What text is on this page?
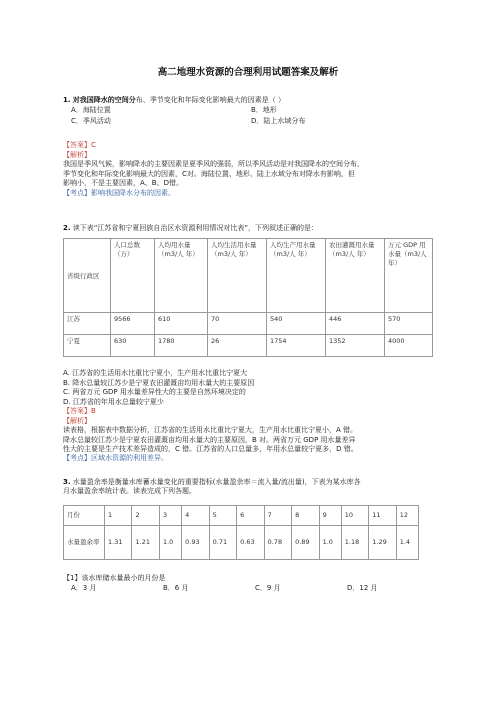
高二地理水资源的合理利用试题答案及解析
1. 对我国降水的空间分布、季节变化和年际变化影响最大的因素是（ ）
A．海陆位置	B．地形
C．季风活动	D．陆上水域分布
【答案】C
【解析】
我国是季风气候，影响降水的主要因素是夏季风的强弱，所以季风活动是对我国降水的空间分布、
季节变化和年际变化影响最大的因素，C对。海陆位置、地形、陆上水域分布对降水有影响，但
影响小，不是主要因素，A、B、D错。
【考点】影响我国降水分布的因素。
2. 读下表“江苏省和宁夏回族自治区水资源利用情况对比表”，下列叙述正确的是：
省级行政区	人口总数（万）	人均用水量（m3/人 年）	人均生活用水量（m3/人 年）	人均生产用水量（m3/人 年）	农田灌溉用水量（m3/人 年）	万元 GDP 用水量（m3/人 年）
江苏	9566	610	70	540	446	570
宁夏	630	1780	26	1754	1352	4000
A. 江苏省的生活用水比重比宁夏小，生产用水比重比宁夏大
B. 降水总量较江苏少是宁夏农田灌溉亩均用水量大的主要原因
C. 两省万元 GDP 用水量差异性大的主要是自然环境决定的
D. 江苏省的年用水总量较宁夏少
【答案】B
【解析】
读表格，根据表中数据分析，江苏省的生活用水比重比宁夏大，生产用水比重比宁夏小，A 错。
降水总量较江苏少是宁夏农田灌溉亩均用水量大的主要原因，B 对。两省万元 GDP 用水量差异
性大的主要是生产技术差异造成的，C 错。江苏省的人口总量多，年用水总量较宁夏多，D 错。
【考点】区域水资源的利用差异。
3. 水量盈余率是衡量水库蓄水量变化的重要指标(水量盈余率＝流入量/流出量)，下表为某水库各
月水量盈余率统计表。读表完成下列各题。
月份	1	2	3	4	5	6	7	8	9	10	11	12
水量盈余率	1.31	1.21	1.0	0.93	0.71	0.63	0.78	0.89	1.0	1.18	1.29	1.4
【1】该水库储水量最小的月份是
A．3 月	B．6 月	C．9 月	D．12 月
